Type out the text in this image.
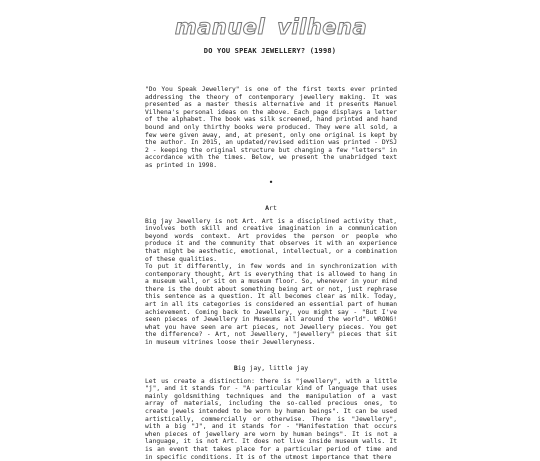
manuel vilhena
DO YOU SPEAK JEWELLERY? (1998)

"Do You Speak Jewellery" is one of the first texts ever printed addressing the theory of contemporary jewellery making. It was presented as a master thesis alternative and it presents Manuel Vilhena's personal ideas on the above. Each page displays a letter of the alphabet. The book was silk screened, hand printed and hand bound and only thirthy books were produced. They were all sold, a few were given away, and, at present, only one original is kept by the author. In 2015, an updated/revised edition was printed - DYSJ 2 - keeping the original structure but changing a few "letters" in accordance with the times. Below, we present the unabridged text as printed in 1998.

•
Art

Big jay Jewellery is not Art. Art is a disciplined activity that, involves both skill and creative imagination in a communication beyond words context. Art provides the person or people who produce it and the community that observes it with an experience that might be aesthetic, emotional, intellectual, or a combination of these qualities.

To put it differently, in few words and in synchronization with contemporary thought, Art is everything that is allowed to hang in a museum wall, or sit on a museum floor. So, whenever in your mind there is the doubt about something being art or not, just rephrase this sentence as a question. It all becomes clear as milk. Today, art in all its categories is considered an essential part of human achievement. Coming back to Jewellery, you might say - "But I've seen pieces of Jewellery in Museums all around the world". WRONG! what you have seen are art pieces, not Jewellery pieces. You get the difference? - Art, not Jewellery, "jewellery" pieces that sit in museum vitrines loose their Jewelleryness.

Big jay, little jay

Let us create a distinction: there is "jewellery", with a little "j", and it stands for - "A particular kind of language that uses mainly goldsmithing techniques and the manipulation of a vast array of materials, including the so-called precious ones, to create jewels intended to be worn by human beings". It can be used artistically, commercially or otherwise. There is "Jewellery", with a big "J", and it stands for - "Manifestation that occurs when pieces of jewellery are worn by human beings". It is not a language, it is not Art. It does not live inside museum walls. It is an event that takes place for a particular period of time and in specific conditions. It is of the utmost importance that there
